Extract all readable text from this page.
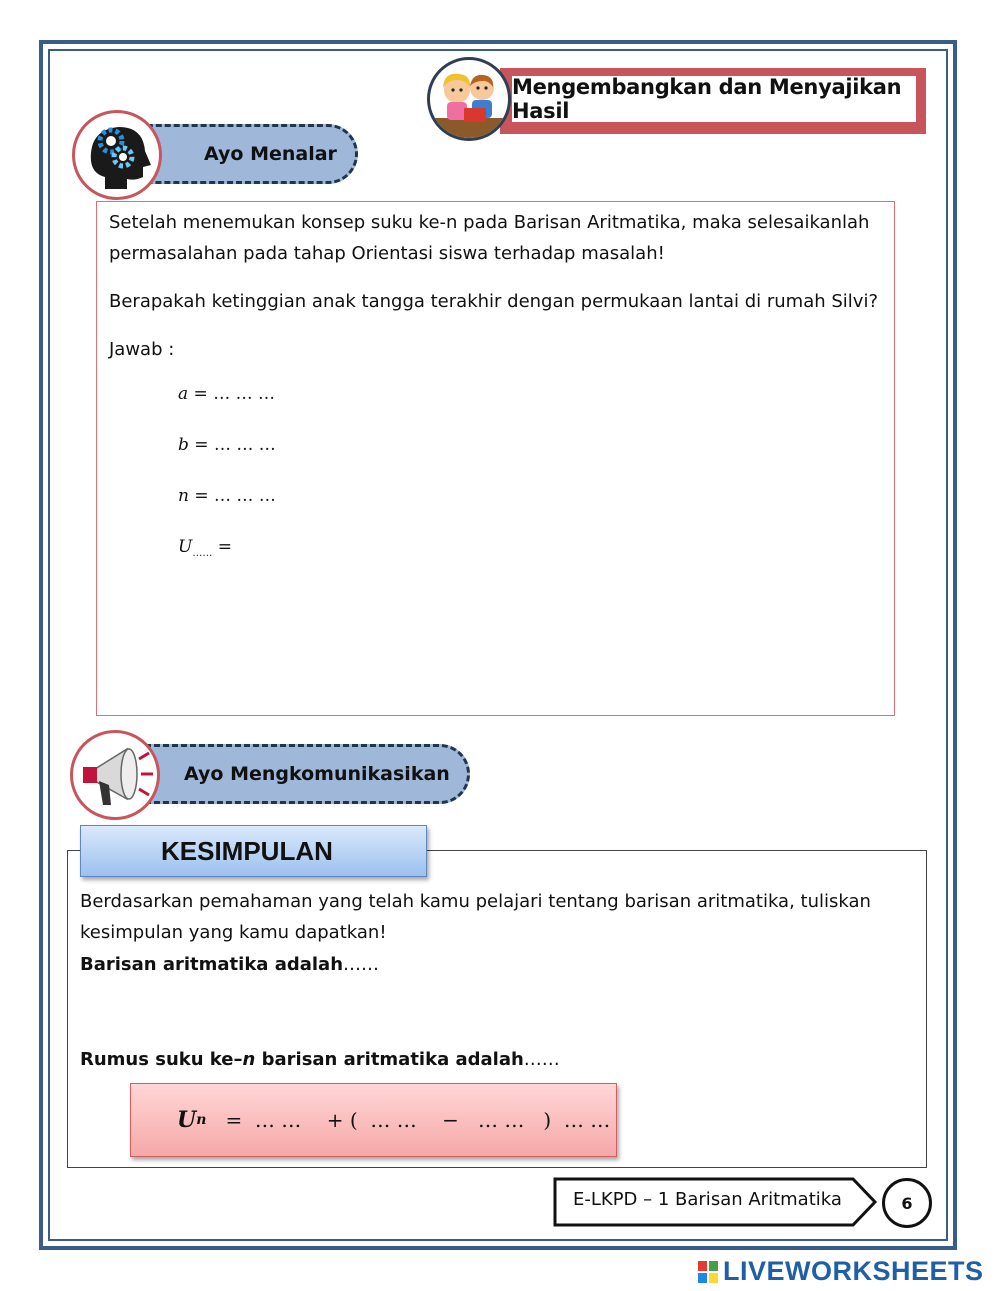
Mengembangkan dan Menyajikan Hasil
Ayo Menalar
Setelah menemukan konsep suku ke-n pada Barisan Aritmatika, maka selesaikanlah
permasalahan pada tahap Orientasi siswa terhadap masalah!
Berapakah ketinggian anak tangga terakhir dengan permukaan lantai di rumah Silvi?
Jawab :
a = … … …
b = … … …
n = … … …
$U_{\dots\dots}$ =
Ayo Mengkomunikasikan
KESIMPULAN
Berdasarkan pemahaman yang telah kamu pelajari tentang barisan aritmatika, tuliskan
kesimpulan yang kamu dapatkan!
Barisan aritmatika adalah……
Rumus suku ke–n barisan aritmatika adalah……
U n =  … …    + (  … …    −   … …   )  … …
E-LKPD – 1 Barisan Aritmatika	6
LIVEWORKSHEETS
